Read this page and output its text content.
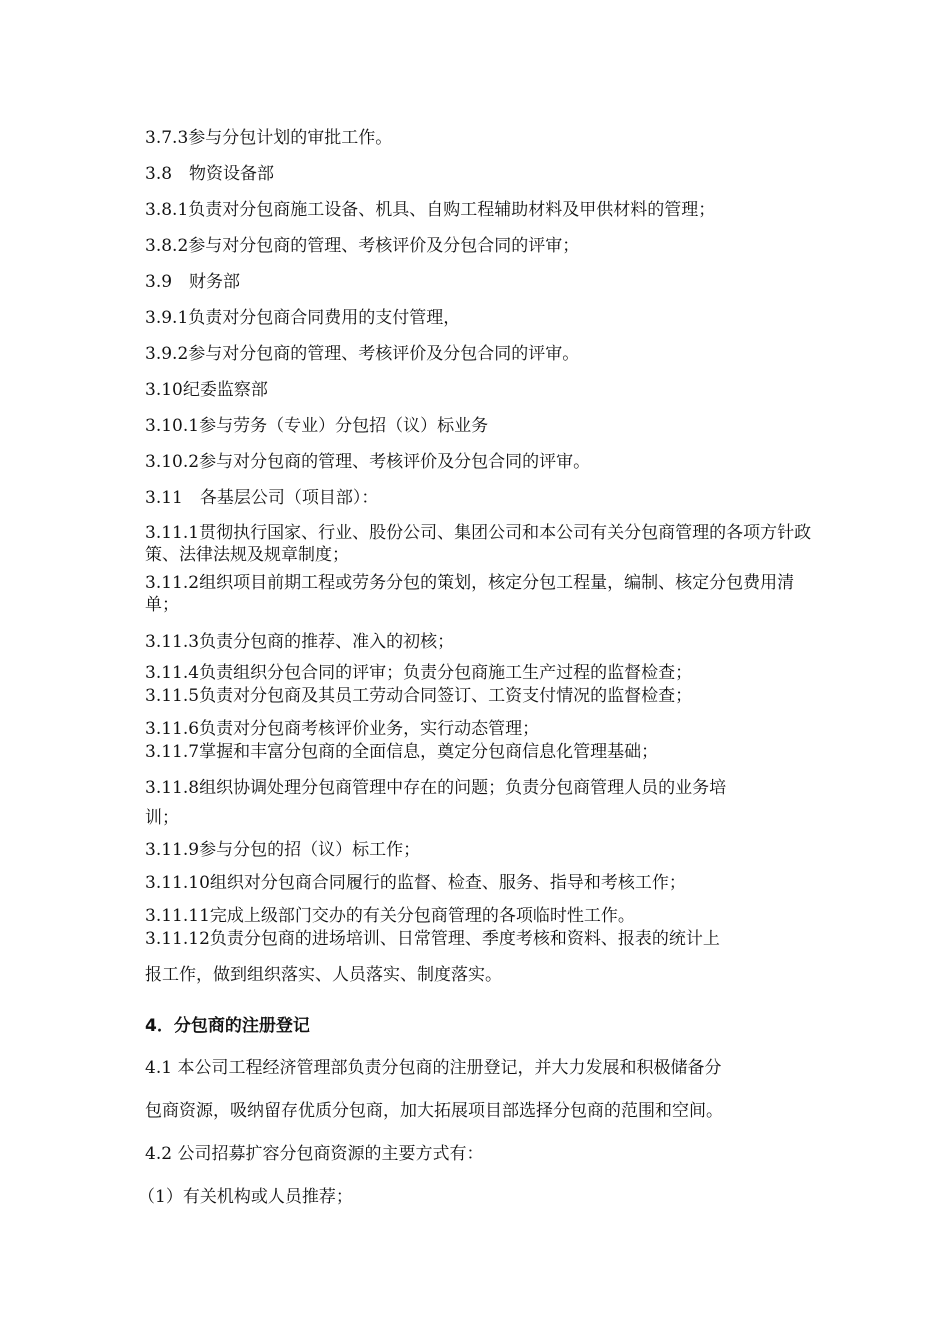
3.7.3参与分包计划的审批工作。
3.8　物资设备部
3.8.1负责对分包商施工设备、机具、自购工程辅助材料及甲供材料的管理；
3.8.2参与对分包商的管理、考核评价及分包合同的评审；
3.9　财务部
3.9.1负责对分包商合同费用的支付管理，
3.9.2参与对分包商的管理、考核评价及分包合同的评审。
3.10纪委监察部
3.10.1参与劳务（专业）分包招（议）标业务
3.10.2参与对分包商的管理、考核评价及分包合同的评审。
3.11　各基层公司（项目部）：
3.11.1贯彻执行国家、行业、股份公司、集团公司和本公司有关分包商管理的各项方针政策、法律法规及规章制度；
3.11.2组织项目前期工程或劳务分包的策划，核定分包工程量，编制、核定分包费用清单；
3.11.3负责分包商的推荐、准入的初核；
3.11.4负责组织分包合同的评审；负责分包商施工生产过程的监督检查；
3.11.5负责对分包商及其员工劳动合同签订、工资支付情况的监督检查；
3.11.6负责对分包商考核评价业务，实行动态管理；
3.11.7掌握和丰富分包商的全面信息，奠定分包商信息化管理基础；
3.11.8组织协调处理分包商管理中存在的问题；负责分包商管理人员的业务培
训；
3.11.9参与分包的招（议）标工作；
3.11.10组织对分包商合同履行的监督、检查、服务、指导和考核工作；
3.11.11完成上级部门交办的有关分包商管理的各项临时性工作。
3.11.12负责分包商的进场培训、日常管理、季度考核和资料、报表的统计上
报工作，做到组织落实、人员落实、制度落实。
4．分包商的注册登记
4.1 本公司工程经济管理部负责分包商的注册登记，并大力发展和积极储备分
包商资源，吸纳留存优质分包商，加大拓展项目部选择分包商的范围和空间。
4.2 公司招募扩容分包商资源的主要方式有：
（1）有关机构或人员推荐；
